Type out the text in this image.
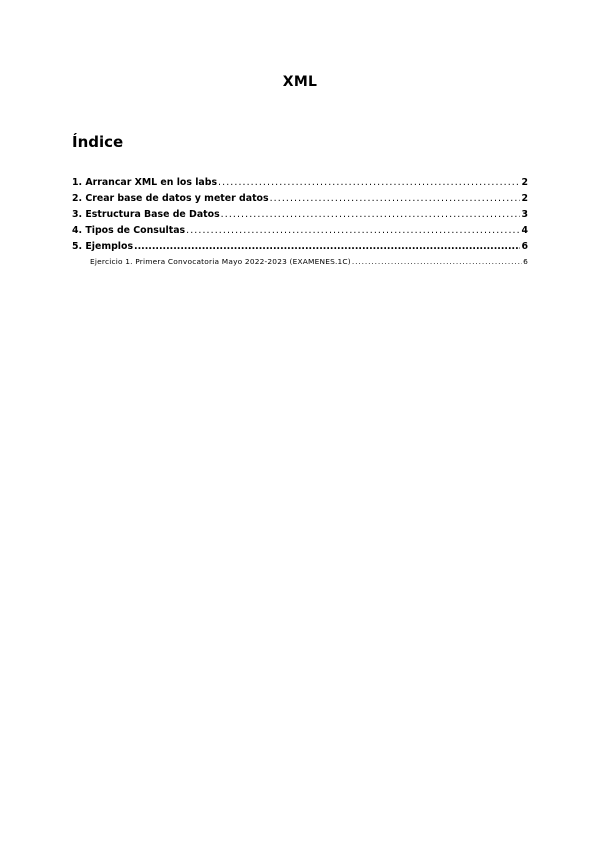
XML
Índice
1. Arrancar XML en los labs .....	2
2. Crear base de datos y meter datos .....	2
3. Estructura Base de Datos .....	3
4. Tipos de Consultas .....	4
5. Ejemplos .....	6
Ejercicio 1. Primera Convocatoria Mayo 2022-2023 (EXAMENES.1C) .....	6
